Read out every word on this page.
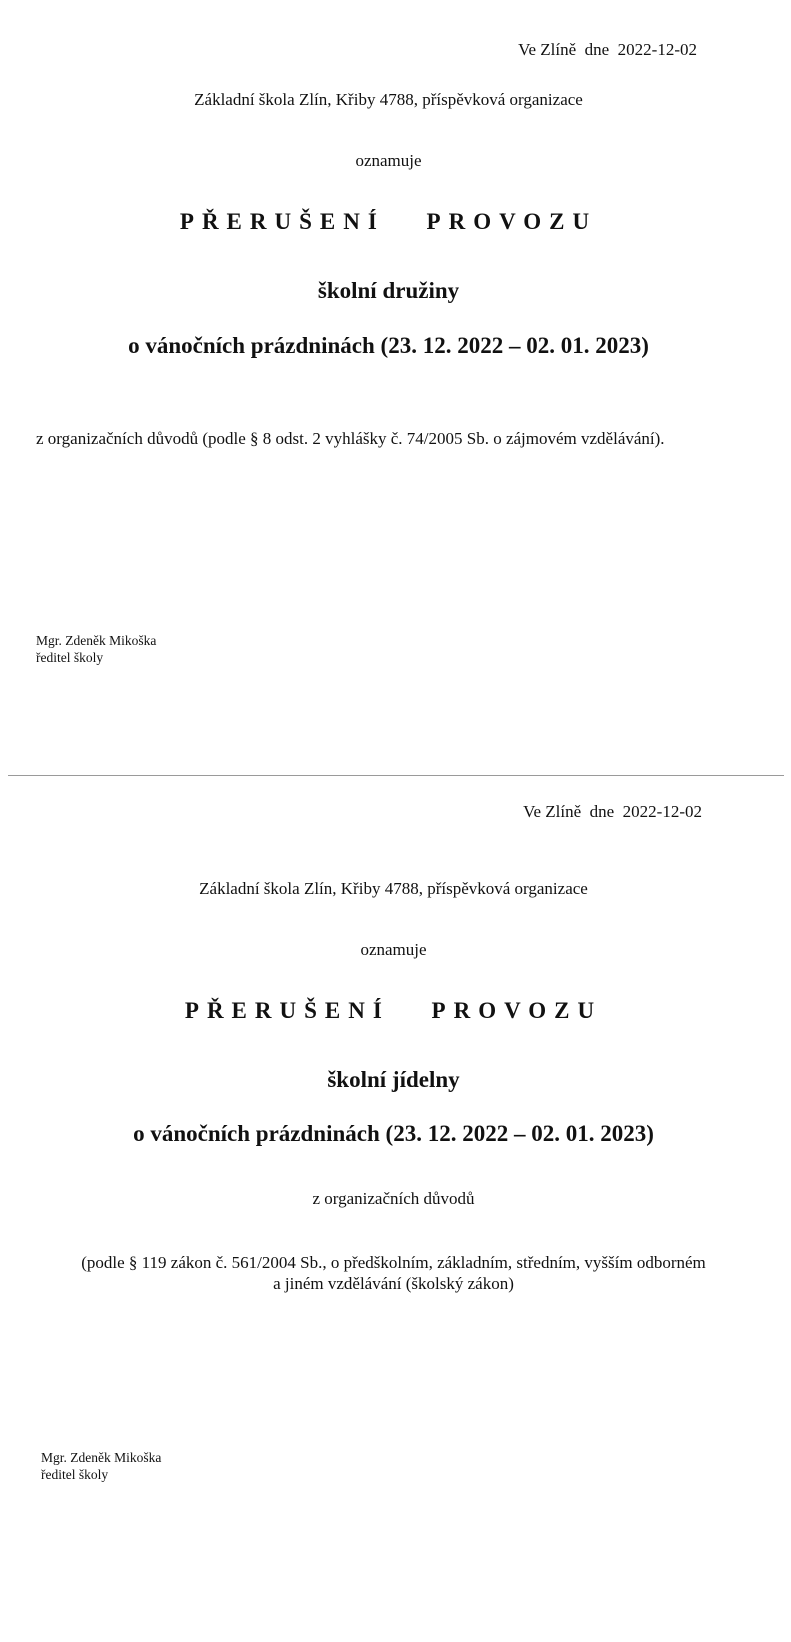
Ve Zlíně  dne  2022-12-02
Základní škola Zlín, Křiby 4788, příspěvková organizace
oznamuje
PŘERUŠENÍ PROVOZU
školní družiny
o vánočních prázdninách (23. 12. 2022 – 02. 01. 2023)
z organizačních důvodů (podle § 8 odst. 2 vyhlášky č. 74/2005 Sb. o zájmovém vzdělávání).
Mgr. Zdeněk Mikoška
ředitel školy
Ve Zlíně  dne  2022-12-02
Základní škola Zlín, Křiby 4788, příspěvková organizace
oznamuje
PŘERUŠENÍ PROVOZU
školní jídelny
o vánočních prázdninách (23. 12. 2022 – 02. 01. 2023)
z organizačních důvodů
(podle § 119 zákon č. 561/2004 Sb., o předškolním, základním, středním, vyšším odborném
a jiném vzdělávání (školský zákon)
Mgr. Zdeněk Mikoška
ředitel školy
